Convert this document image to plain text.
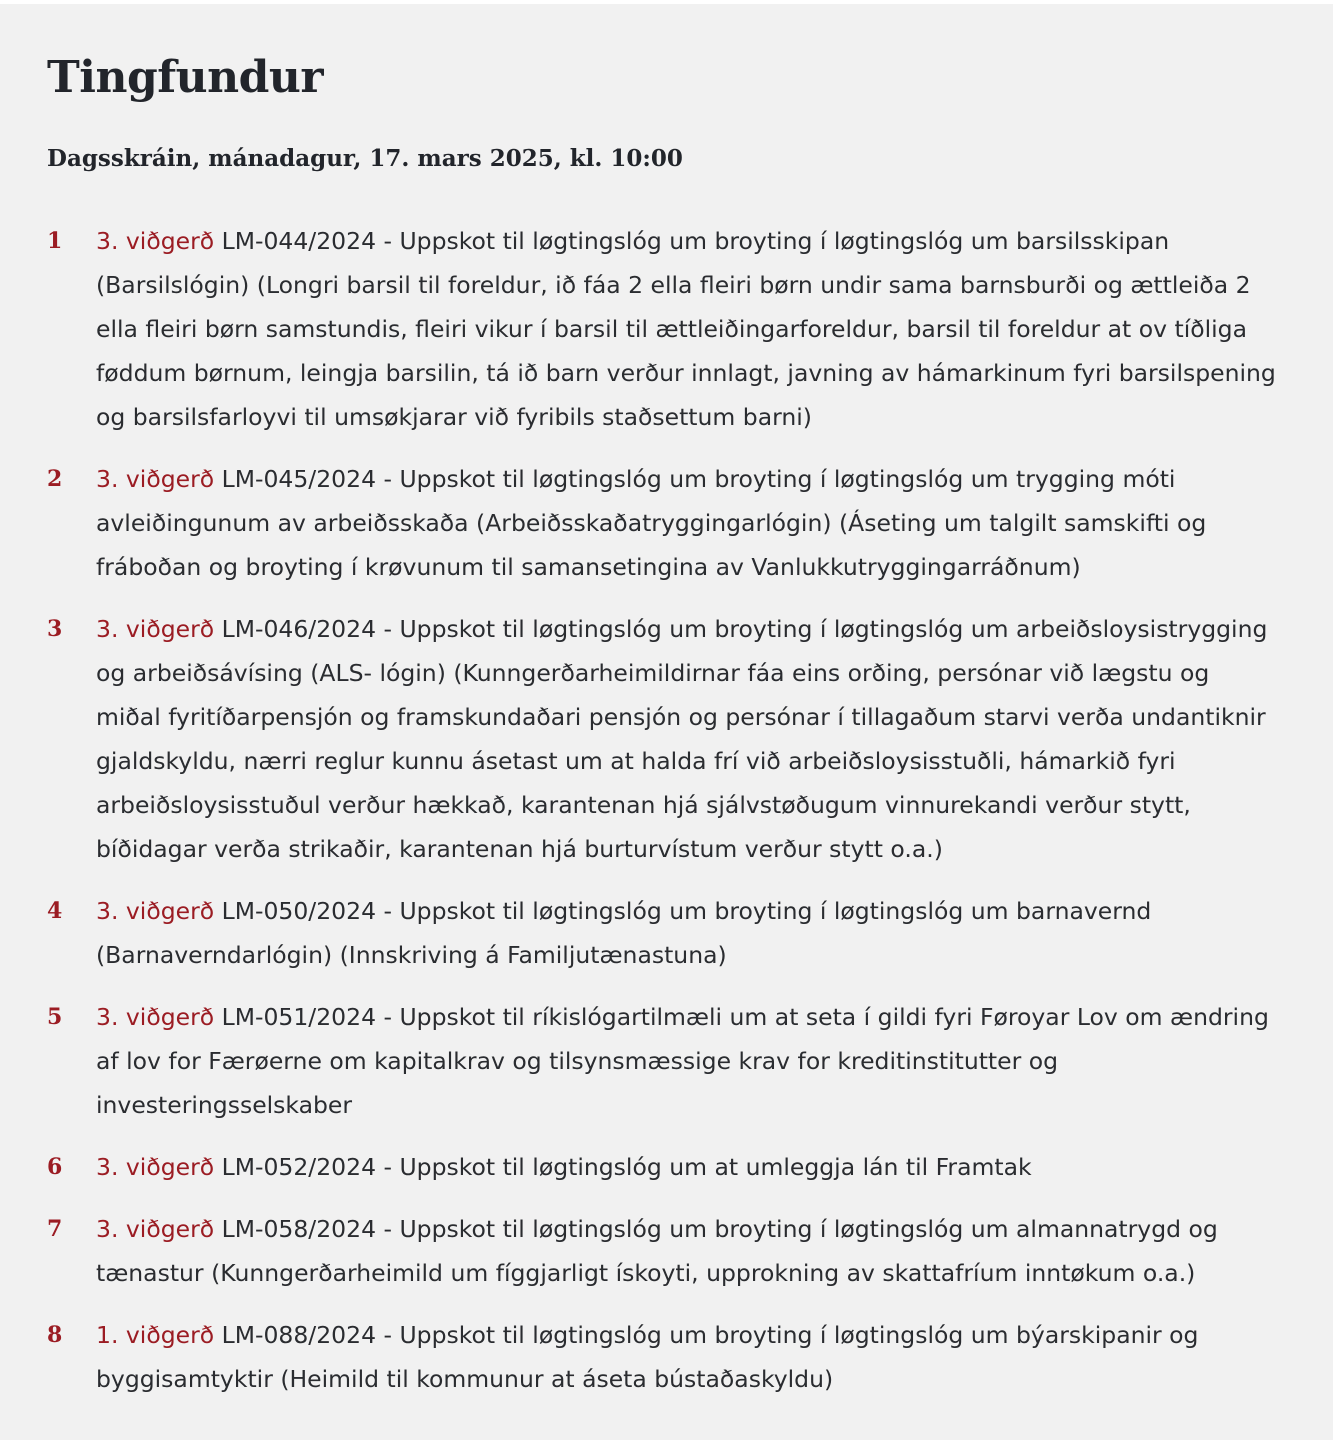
Tingfundur
Dagsskráin, mánadagur, 17. mars 2025, kl. 10:00
1 3. viðgerð LM-044/2024 - Uppskot til løgtingslóg um broyting í løgtingslóg um barsilsskipan (Barsilslógin) (Longri barsil til foreldur, ið fáa 2 ella fleiri børn undir sama barnsburði og ættleiða 2 ella fleiri børn samstundis, fleiri vikur í barsil til ættleiðingarforeldur, barsil til foreldur at ov tíðliga føddum børnum, leingja barsilin, tá ið barn verður innlagt, javning av hámarkinum fyri barsilspening og barsilsfarloyvi til umsøkjarar við fyribils staðsettum barni)
2 3. viðgerð LM-045/2024 - Uppskot til løgtingslóg um broyting í løgtingslóg um trygging móti avleiðingunum av arbeiðsskaða (Arbeiðsskaðatryggingarlógin) (Áseting um talgilt samskifti og fráboðan og broyting í krøvunum til samansetingina av Vanlukkutryggingarráðnum)
3 3. viðgerð LM-046/2024 - Uppskot til løgtingslóg um broyting í løgtingslóg um arbeiðsloysistrygging og arbeiðsávísing (ALS- lógin) (Kunngerðarheimildirnar fáa eins orðing, persónar við lægstu og miðal fyritíðarpensjón og framskundaðari pensjón og persónar í tillagaðum starvi verða undantiknir gjaldskyldu, nærri reglur kunnu ásetast um at halda frí við arbeiðsloysisstuðli, hámarkið fyri arbeiðsloysisstuðul verður hækkað, karantenan hjá sjálvstøðugum vinnurekandi verður stytt, bíðidagar verða strikaðir, karantenan hjá burturvístum verður stytt o.a.)
4 3. viðgerð LM-050/2024 - Uppskot til løgtingslóg um broyting í løgtingslóg um barnavernd (Barnaverndarlógin) (Innskriving á Familjutænastuna)
5 3. viðgerð LM-051/2024 - Uppskot til ríkislógartilmæli um at seta í gildi fyri Føroyar Lov om ændring af lov for Færøerne om kapitalkrav og tilsynsmæssige krav for kreditinstitutter og investeringsselskaber
6 3. viðgerð LM-052/2024 - Uppskot til løgtingslóg um at umleggja lán til Framtak
7 3. viðgerð LM-058/2024 - Uppskot til løgtingslóg um broyting í løgtingslóg um almannatrygd og tænastur (Kunngerðarheimild um fíggjarligt ískoyti, upprokning av skattafríum inntøkum o.a.)
8 1. viðgerð LM-088/2024 - Uppskot til løgtingslóg um broyting í løgtingslóg um býarskipanir og byggisamtyktir (Heimild til kommunur at áseta bústaðaskyldu)
